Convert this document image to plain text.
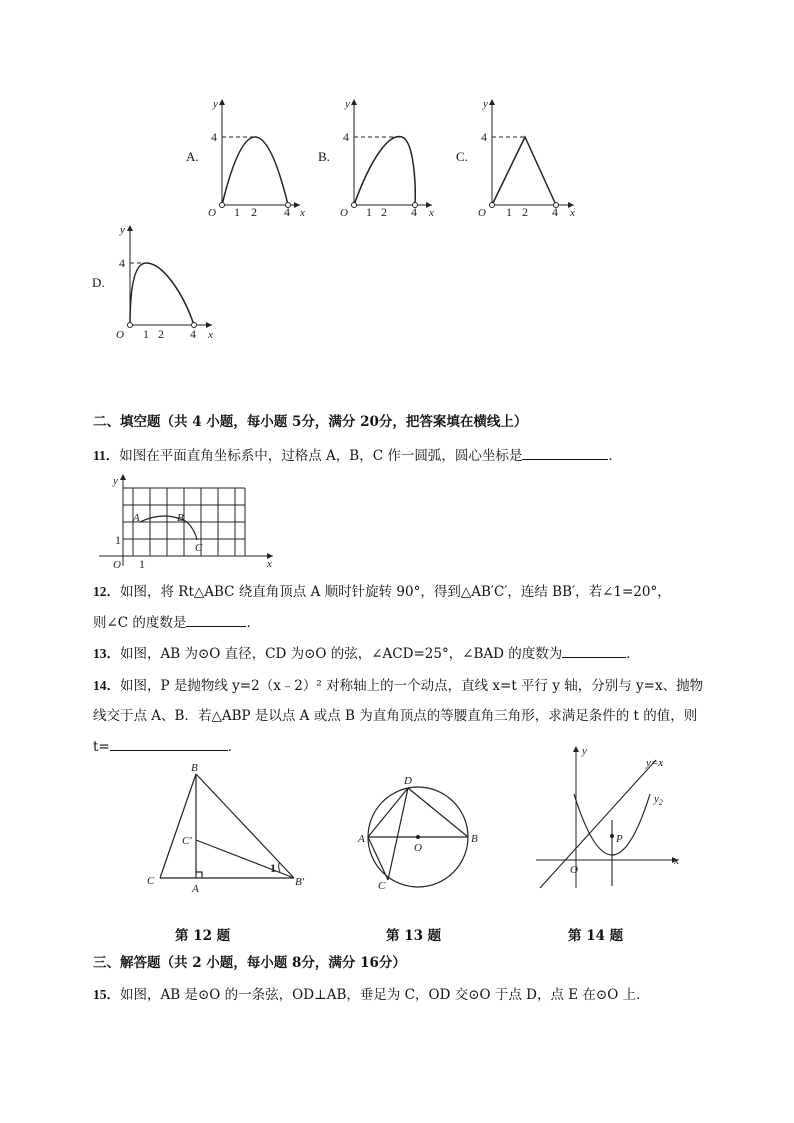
A.
y
4
O 1 2 4 x
B.
y
4
O 1 2 4 x
C.
y
4
O 1 2 4 x
D.
y
4
O 1 2 4 x
二、填空题（共 4 小题，每小题 5分，满分 20分，把答案填在横线上）
11．如图在平面直角坐标系中，过格点 A，B，C 作一圆弧，圆心坐标是	．
y
x
O 1
1
A	B
C
12．如图，将 Rt△ABC 绕直角顶点 A 顺时针旋转 90°，得到△AB′C′，连结 BB′，若∠1=20°，
则∠C 的度数是	．
13．如图，AB 为⊙O 直径，CD 为⊙O 的弦，∠ACD=25°，∠BAD 的度数为	．
14．如图，P 是抛物线 y=2（x﹣2）² 对称轴上的一个动点，直线 x=t 平行 y 轴，分别与 y=x、抛物
线交于点 A、B．若△ABP 是以点 A 或点 B 为直角顶点的等腰直角三角形，求满足条件的 t 的值，则
t=	．
B
C′
1
C
A
B′
D
A
O
B
C
y
y=x
$y_2$
P
O
x
第 12 题	第 13 题	第 14 题
三、解答题（共 2 小题，每小题 8分，满分 16分）
15．如图，AB 是⊙O 的一条弦，OD⊥AB，垂足为 C，OD 交⊙O 于点 D，点 E 在⊙O 上．
